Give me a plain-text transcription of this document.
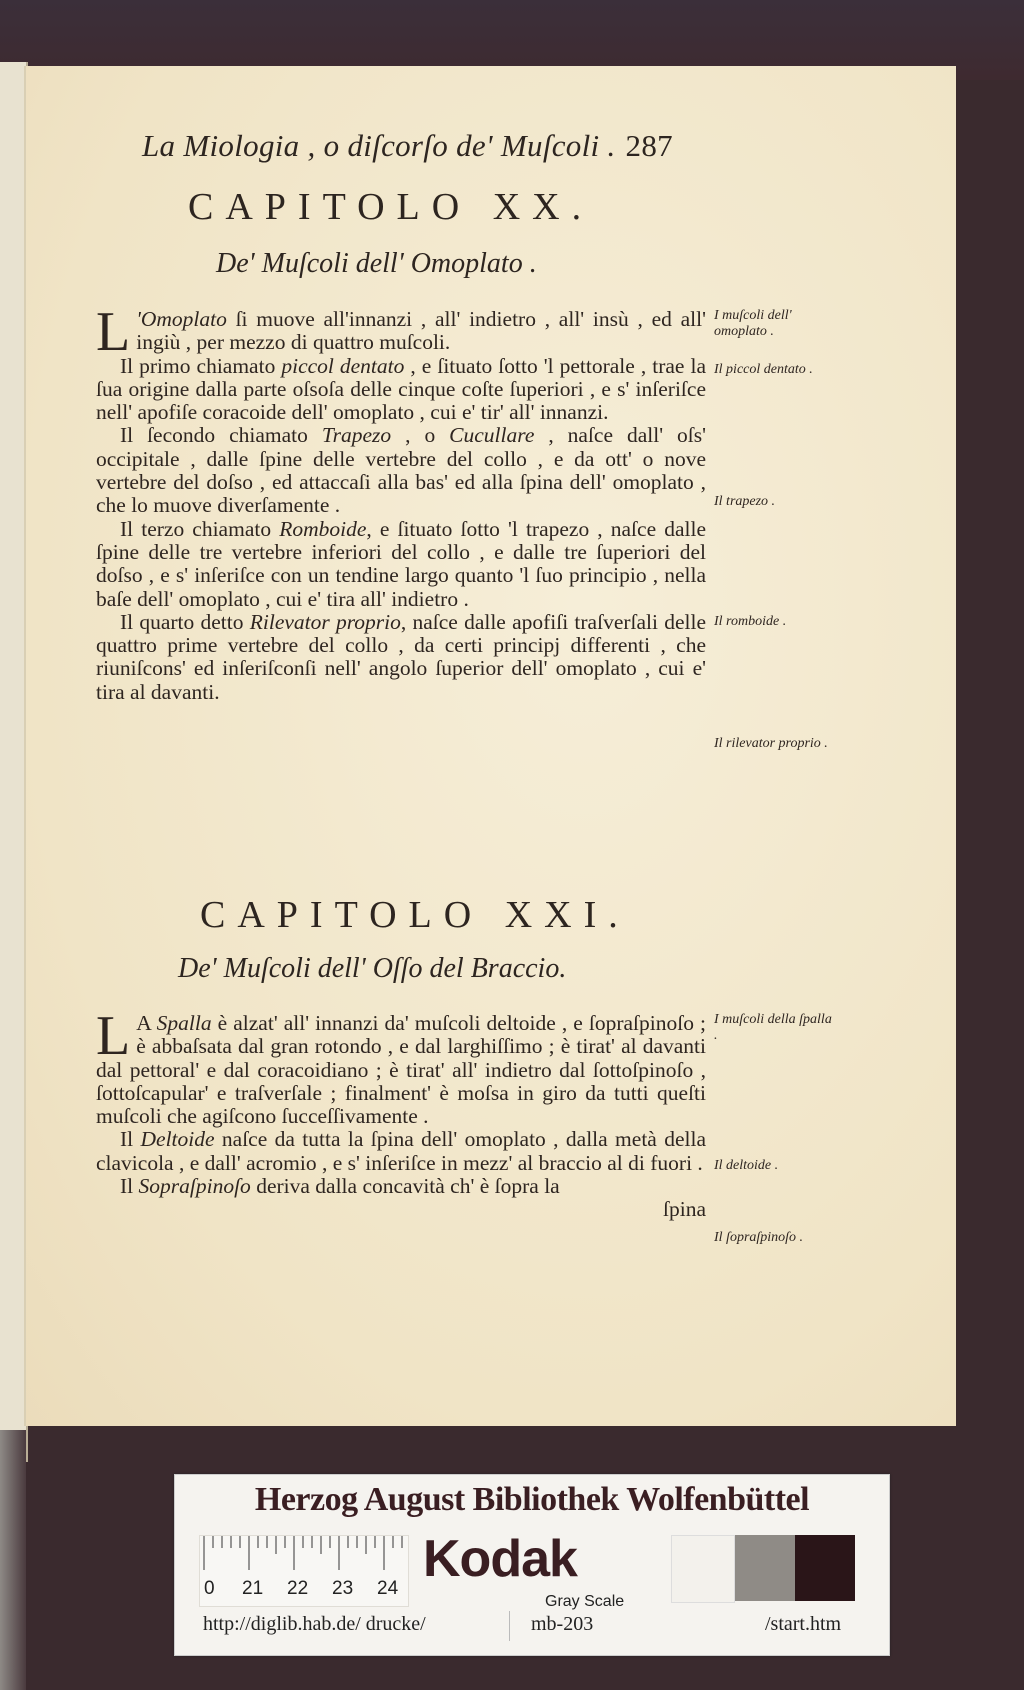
La Miologia , o diſcorſo de' Muſcoli . 287
CAPITOLO XX.
De' Muſcoli dell' Omoplato .

L 'Omoplato ſi muove all'innanzi , all' indietro , all' insù , ed all' ingiù , per mezzo di quattro muſcoli.

Il primo chiamato piccol dentato , e ſituato ſotto 'l pettorale , trae la ſua origine dalla parte oſsoſa delle cinque coſte ſuperiori , e s' inſeriſce nell' apofiſe coracoide dell' omoplato , cui e' tir' all' innanzi.

Il ſecondo chiamato Trapezo , o Cucullare , naſce dall' oſs' occipitale , dalle ſpine delle vertebre del collo , e da ott' o nove vertebre del doſso , ed attaccaſi alla bas' ed alla ſpina dell' omoplato , che lo muove diverſamente .

Il terzo chiamato Romboide, e ſituato ſotto 'l trapezo , naſce dalle ſpine delle tre vertebre inferiori del collo , e dalle tre ſuperiori del doſso , e s' inſeriſce con un tendine largo quanto 'l ſuo principio , nella baſe dell' omoplato , cui e' tira all' indietro .

Il quarto detto Rilevator proprio, naſce dalle apofiſi traſverſali delle quattro prime vertebre del collo , da certi principj differenti , che riuniſcons' ed inſeriſconſi nell' angolo ſuperior dell' omoplato , cui e' tira al davanti.

I muſcoli dell' omoplato .
Il piccol dentato .
Il trapezo .
Il romboide .
Il rilevator proprio .
CAPITOLO XXI.
De' Muſcoli dell' Oſſo del Braccio.

L A Spalla è alzat' all' innanzi da' muſcoli deltoide , e ſopraſpinoſo ; è abbaſsata dal gran rotondo , e dal larghiſſimo ; è tirat' al davanti dal pettoral' e dal coracoidiano ; è tirat' all' indietro dal ſottoſpinoſo , ſottoſcapular' e traſverſale ; finalment' è moſsa in giro da tutti queſti muſcoli che agiſcono ſucceſſivamente .

Il Deltoide naſce da tutta la ſpina dell' omoplato , dalla metà della clavicola , e dall' acromio , e s' inſeriſce in mezz' al braccio al di fuori .

Il Sopraſpinoſo deriva dalla concavità ch' è ſopra la

ſpina
I muſcoli della ſpalla .
Il deltoide .
Il ſopraſpinoſo .
Herzog August Bibliothek Wolfenbüttel
0 21 22 23 24
Kodak
Gray Scale
http://diglib.hab.de/ drucke/	mb-203	/start.htm
